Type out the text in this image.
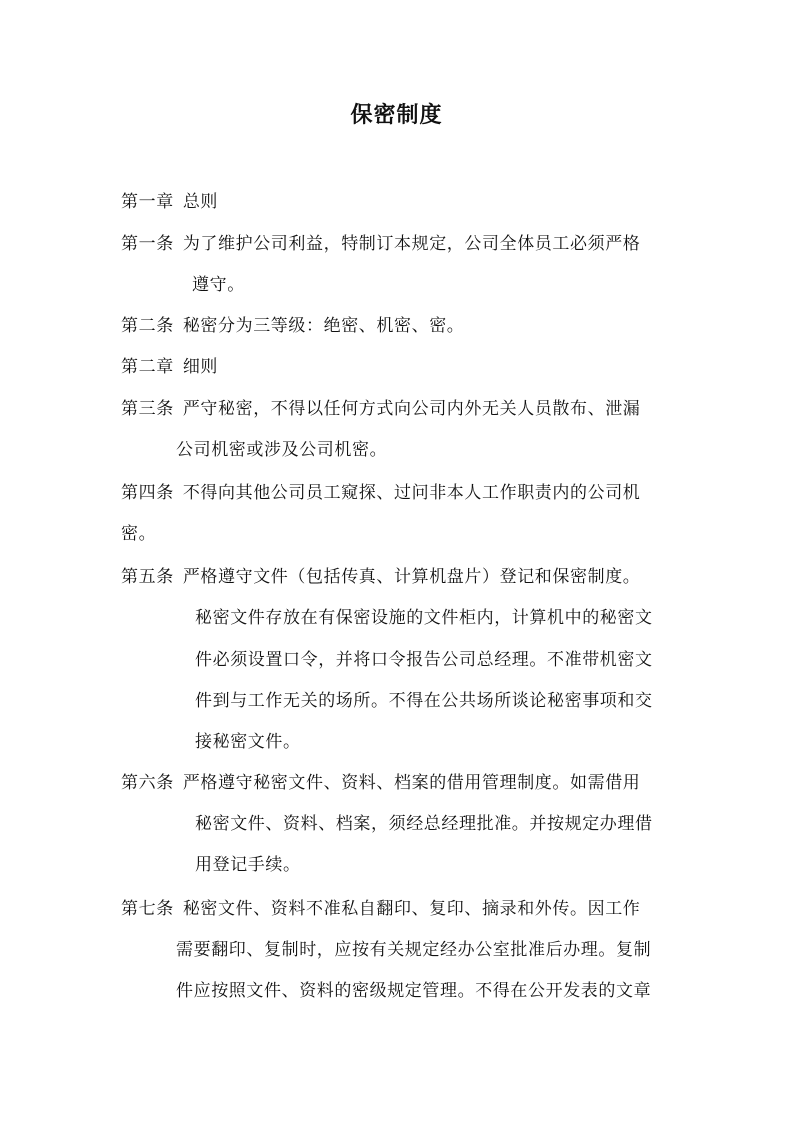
保密制度
第一章 总则
第一条 为了维护公司利益，特制订本规定，公司全体员工必须严格
遵守。
第二条 秘密分为三等级：绝密、机密、密。
第二章 细则
第三条 严守秘密，不得以任何方式向公司内外无关人员散布、泄漏
公司机密或涉及公司机密。
第四条 不得向其他公司员工窥探、过问非本人工作职责内的公司机
密。
第五条 严格遵守文件（包括传真、计算机盘片）登记和保密制度。
秘密文件存放在有保密设施的文件柜内，计算机中的秘密文
件必须设置口令，并将口令报告公司总经理。不准带机密文
件到与工作无关的场所。不得在公共场所谈论秘密事项和交
接秘密文件。
第六条 严格遵守秘密文件、资料、档案的借用管理制度。如需借用
秘密文件、资料、档案，须经总经理批准。并按规定办理借
用登记手续。
第七条 秘密文件、资料不准私自翻印、复印、摘录和外传。因工作
需要翻印、复制时，应按有关规定经办公室批准后办理。复制
件应按照文件、资料的密级规定管理。不得在公开发表的文章
